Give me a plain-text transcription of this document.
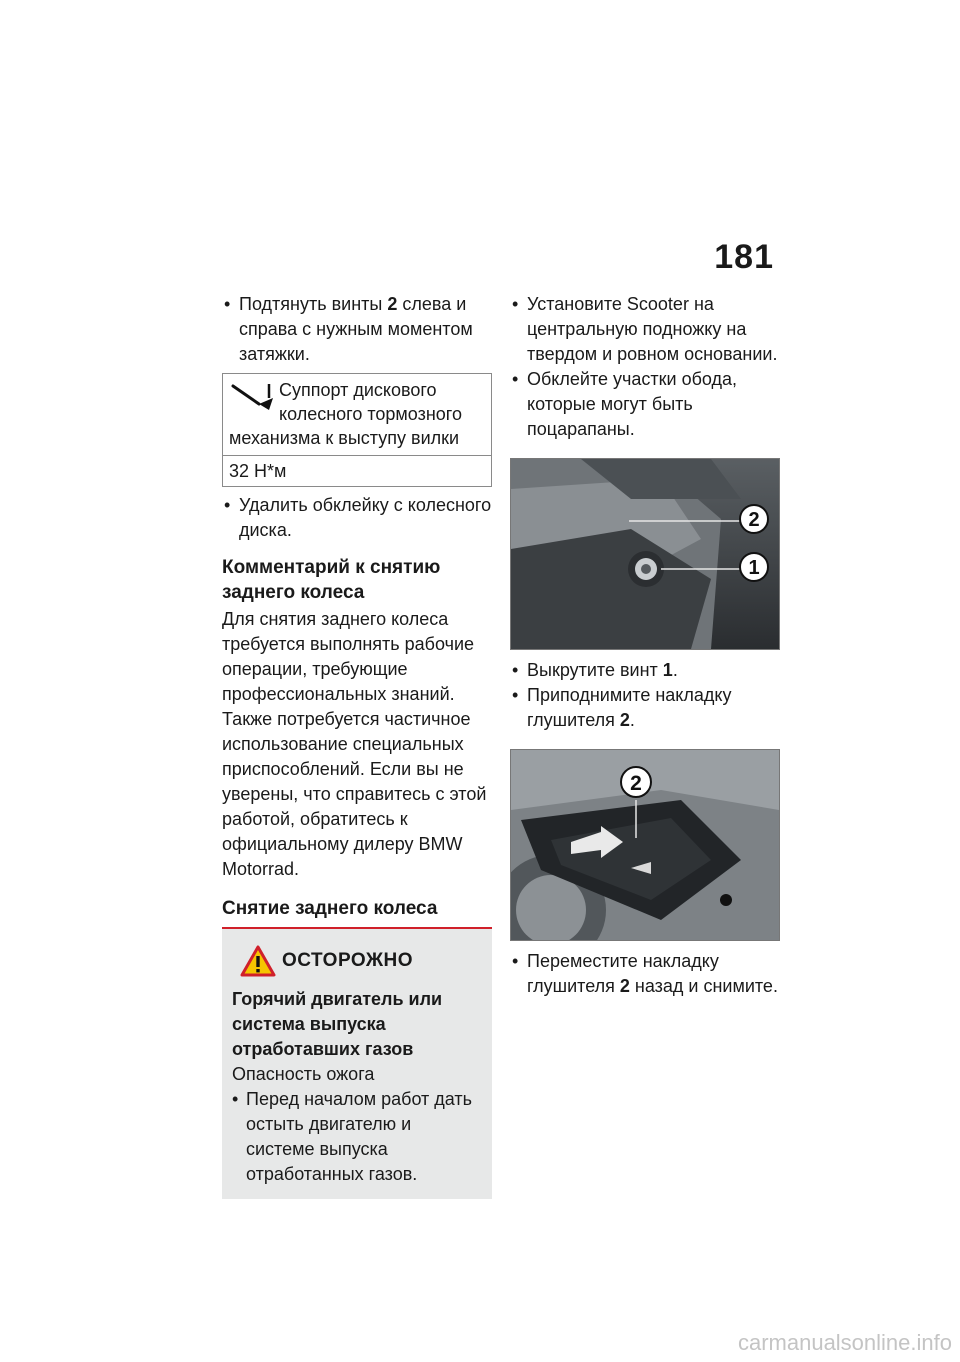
181

• Подтянуть винты 2 слева и справа с нужным моментом затяжки.

Суппорт дискового колесного тормозного механизма к выступу вилки
32 Н*м

• Удалить обклейку с колесного диска.

Комментарий к снятию заднего колеса

Для снятия заднего колеса требуется выполнять рабочие операции, требующие профессиональных знаний. Также потребуется частичное использование специальных приспособлений. Если вы не уверены, что справитесь с этой работой, обратитесь к официальному дилеру BMW Motorrad.

Снятие заднего колеса
ОСТОРОЖНО

Горячий двигатель или система выпуска отработавших газов

Опасность ожога

• Перед началом работ дать остыть двигателю и системе выпуска отработанных газов.

• Установите Scooter на центральную подножку на твердом и ровном основании.

• Обклейте участки обода, которые могут быть поцарапаны.

2
1

• Выкрутите винт 1.

• Приподнимите накладку глушителя 2.

2

• Переместите накладку глушителя 2 назад и снимите.

carmanualsonline.info
